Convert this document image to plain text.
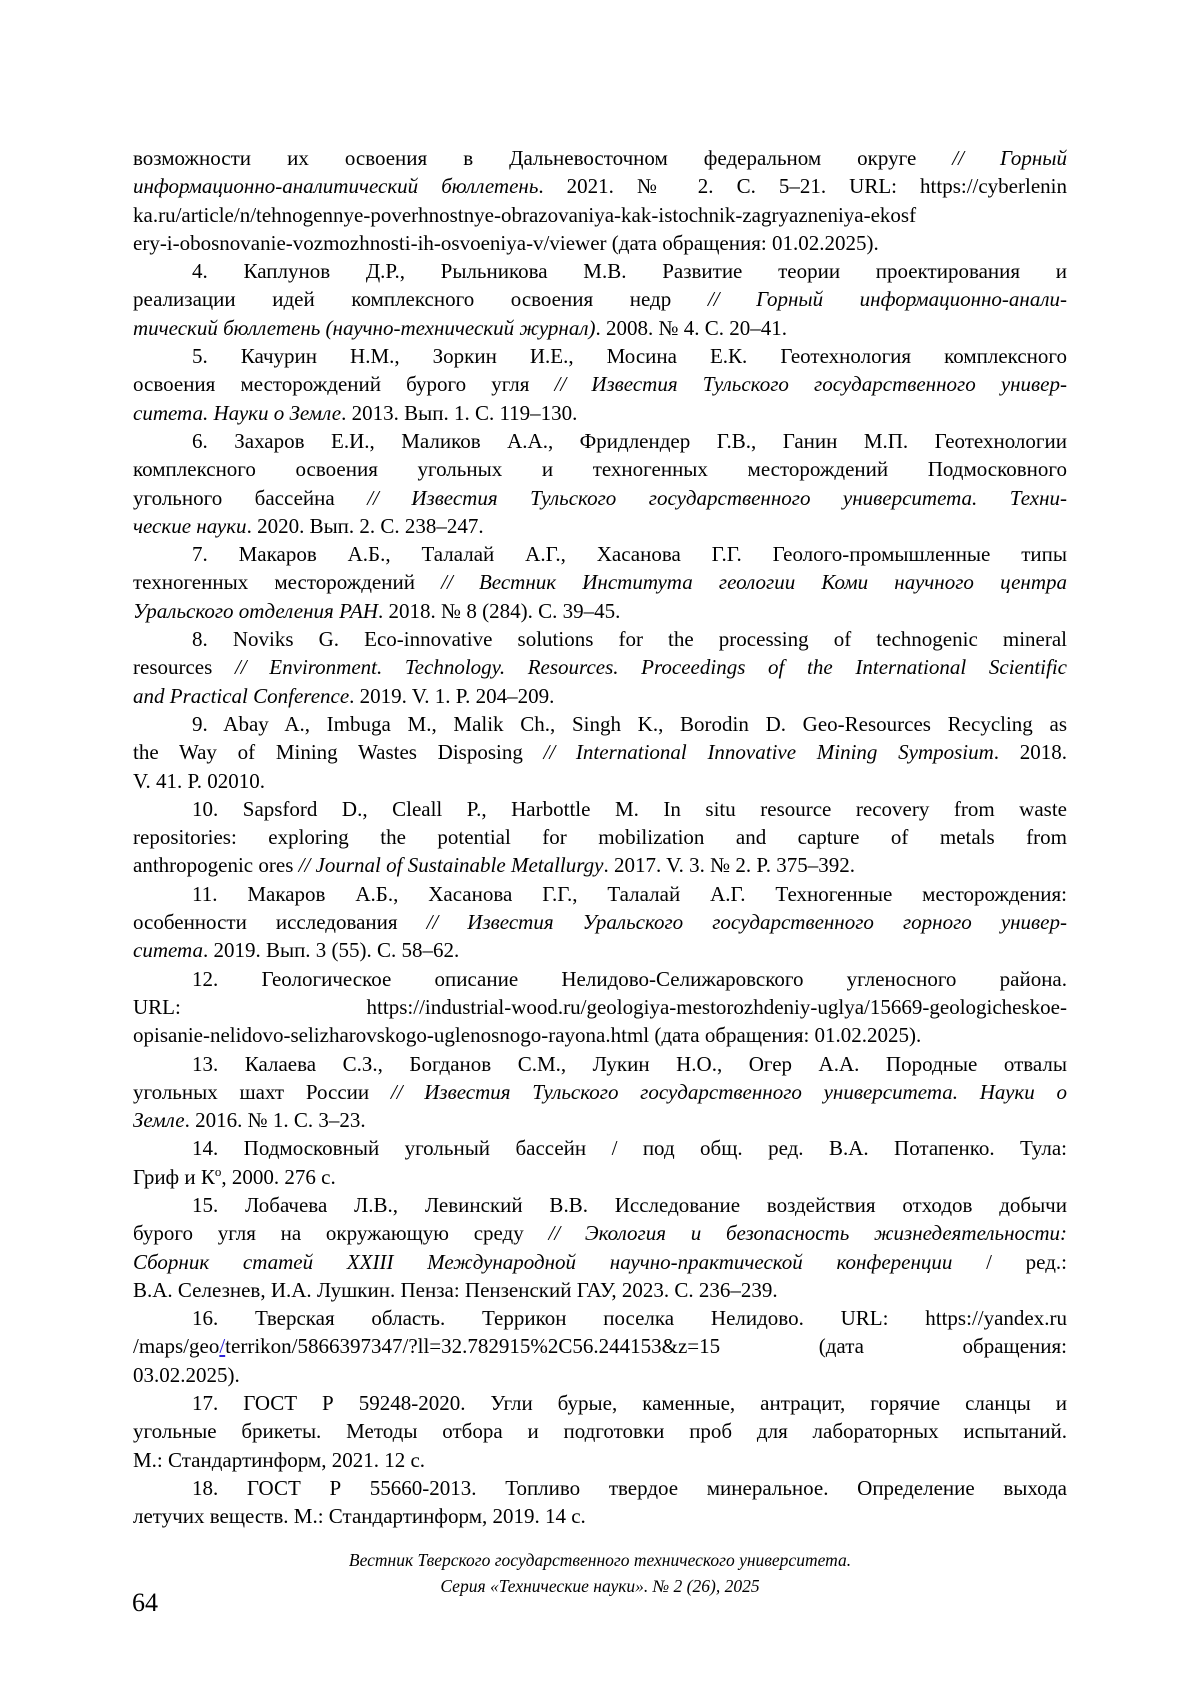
возможности их освоения в Дальневосточном федеральном округе // Горный
информационно-аналитический бюллетень. 2021. № 2. С. 5–21. URL: https://cyberlenin
ka.ru/article/n/tehnogennye-poverhnostnye-obrazovaniya-kak-istochnik-zagryazneniya-ekosf
ery-i-obosnovanie-vozmozhnosti-ih-osvoeniya-v/viewer (дата обращения: 01.02.2025).
4. Каплунов Д.Р., Рыльникова М.В. Развитие теории проектирования и
реализации идей комплексного освоения недр // Горный информационно-анали-
тический бюллетень (научно-технический журнал). 2008. № 4. С. 20–41.
5. Качурин Н.М., Зоркин И.Е., Мосина Е.К. Геотехнология комплексного
освоения месторождений бурого угля // Известия Тульского государственного универ-
ситета. Науки о Земле. 2013. Вып. 1. С. 119–130.
6. Захаров Е.И., Маликов А.А., Фридлендер Г.В., Ганин М.П. Геотехнологии
комплексного освоения угольных и техногенных месторождений Подмосковного
угольного бассейна // Известия Тульского государственного университета. Техни-
ческие науки. 2020. Вып. 2. С. 238–247.
7. Макаров А.Б., Талалай А.Г., Хасанова Г.Г. Геолого-промышленные типы
техногенных месторождений // Вестник Института геологии Коми научного центра
Уральского отделения РАН. 2018. № 8 (284). С. 39–45.
8. Noviks G. Eco-innovative solutions for the processing of technogenic mineral
resources // Environment. Technology. Resources. Proceedings of the International Scientific
and Practical Conference. 2019. V. 1. P. 204–209.
9. Abay A., Imbuga M., Malik Ch., Singh K., Borodin D. Geo-Resources Recycling as
the Way of Mining Wastes Disposing // International Innovative Mining Symposium. 2018.
V. 41. P. 02010.
10. Sapsford D., Cleall P., Harbottle M. In situ resource recovery from waste
repositories: exploring the potential for mobilization and capture of metals from
anthropogenic ores // Journal of Sustainable Metallurgy. 2017. V. 3. № 2. P. 375–392.
11. Макаров А.Б., Хасанова Г.Г., Талалай А.Г. Техногенные месторождения:
особенности исследования // Известия Уральского государственного горного универ-
ситета. 2019. Вып. 3 (55). С. 58–62.
12. Геологическое описание Нелидово-Селижаровского угленосного района.
URL: https://industrial-wood.ru/geologiya-mestorozhdeniy-uglya/15669-geologicheskoe-
opisanie-nelidovo-selizharovskogo-uglenosnogo-rayona.html (дата обращения: 01.02.2025).
13. Калаева С.З., Богданов С.М., Лукин Н.О., Огер А.А. Породные отвалы
угольных шахт России // Известия Тульского государственного университета. Науки о
Земле. 2016. № 1. С. 3–23.
14. Подмосковный угольный бассейн / под общ. ред. В.А. Потапенко. Тула:
Гриф и $К^о$, 2000. 276 с.
15. Лобачева Л.В., Левинский В.В. Исследование воздействия отходов добычи
бурого угля на окружающую среду // Экология и безопасность жизнедеятельности:
Сборник статей XXIII Международной научно-практической конференции / ред.:
В.А. Селезнев, И.А. Лушкин. Пенза: Пензенский ГАУ, 2023. С. 236–239.
16. Тверская область. Террикон поселка Нелидово. URL: https://yandex.ru
/maps/geo/terrikon/5866397347/?ll=32.782915%2C56.244153&z=15 (дата обращения:
03.02.2025).
17. ГОСТ Р 59248-2020. Угли бурые, каменные, антрацит, горячие сланцы и
угольные брикеты. Методы отбора и подготовки проб для лабораторных испытаний.
М.: Стандартинформ, 2021. 12 с.
18. ГОСТ Р 55660-2013. Топливо твердое минеральное. Определение выхода
летучих веществ. М.: Стандартинформ, 2019. 14 с.
Вестник Тверского государственного технического университета.
Серия «Технические науки». № 2 (26), 2025
64
